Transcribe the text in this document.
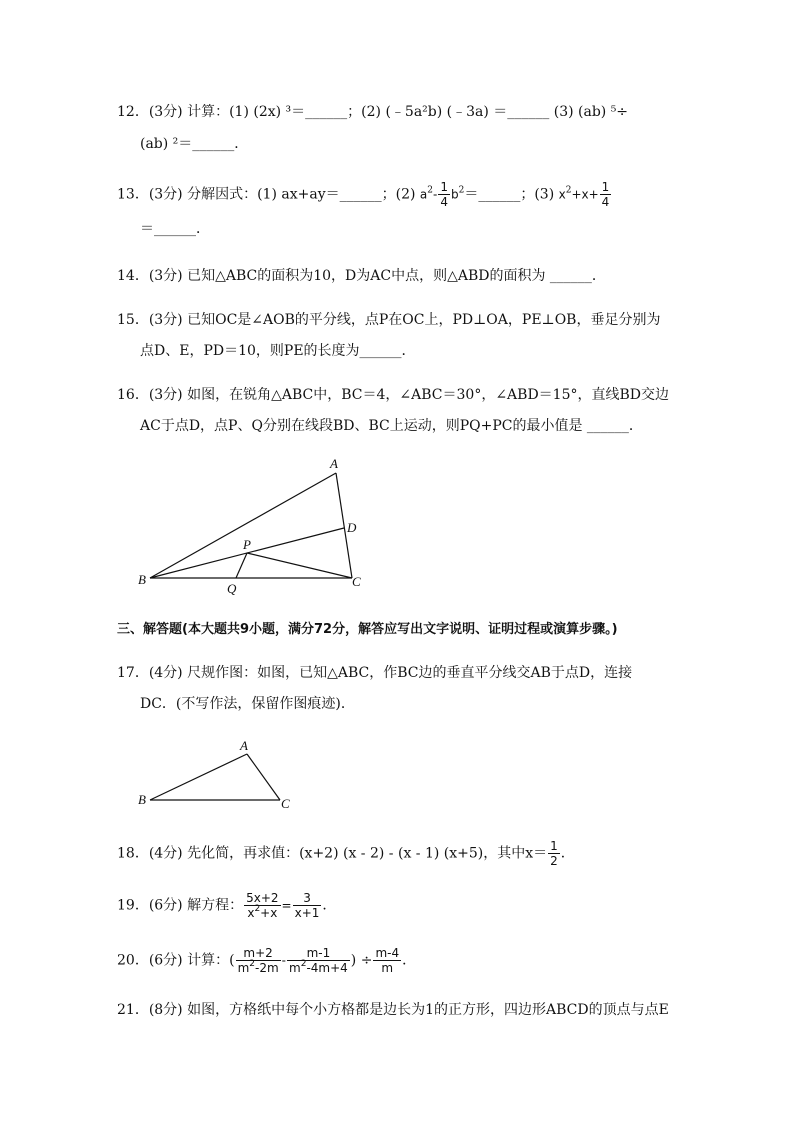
12．(3分) 计算：(1) (2x) ³＝______；(2) (﹣5a²b) (﹣3a) ＝______ (3) (ab) ⁵÷
(ab) ²＝______．
13．(3分) 分解因式：(1) ax+ay＝______；(2) $a^2- \frac{1}{4}$ $b^2=\_\_\_\_\_\_$；(3) $x^2+x+ \frac{1}{4}$
＝______．
14．(3分) 已知△ABC的面积为10，D为AC中点，则△ABD的面积为 ______．
15．(3分) 已知OC是∠AOB的平分线，点P在OC上，PD⊥OA，PE⊥OB，垂足分别为
点D、E，PD＝10，则PE的长度为______．
16．(3分) 如图，在锐角△ABC中，BC＝4，∠ABC＝30°，∠ABD＝15°，直线BD交边
AC于点D，点P、Q分别在线段BD、BC上运动，则PQ+PC的最小值是 ______．
A
D
P
B
Q	C
三、解答题(本大题共9小题，满分72分，解答应写出文字说明、证明过程或演算步骤。)
17．(4分) 尺规作图：如图，已知△ABC，作BC边的垂直平分线交AB于点D，连接
DC．(不写作法，保留作图痕迹)．
A
B	C
18．(4分) 先化简，再求值：(x+2) (x - 2) - (x - 1) (x+5)，其中$x= \frac{1}{2}$ ．
19．(6分) 解方程： $\frac{5x+2}{x^2+x} = \frac{3}{x+1}$ ．
20．(6分) 计算：( $\frac{m+2}{m^2-2m} - \frac{m-1}{m^2-4m+4}$ ) ÷ $\frac{m-4}{m}$ ．
21．(8分) 如图，方格纸中每个小方格都是边长为1的正方形，四边形ABCD的顶点与点E
